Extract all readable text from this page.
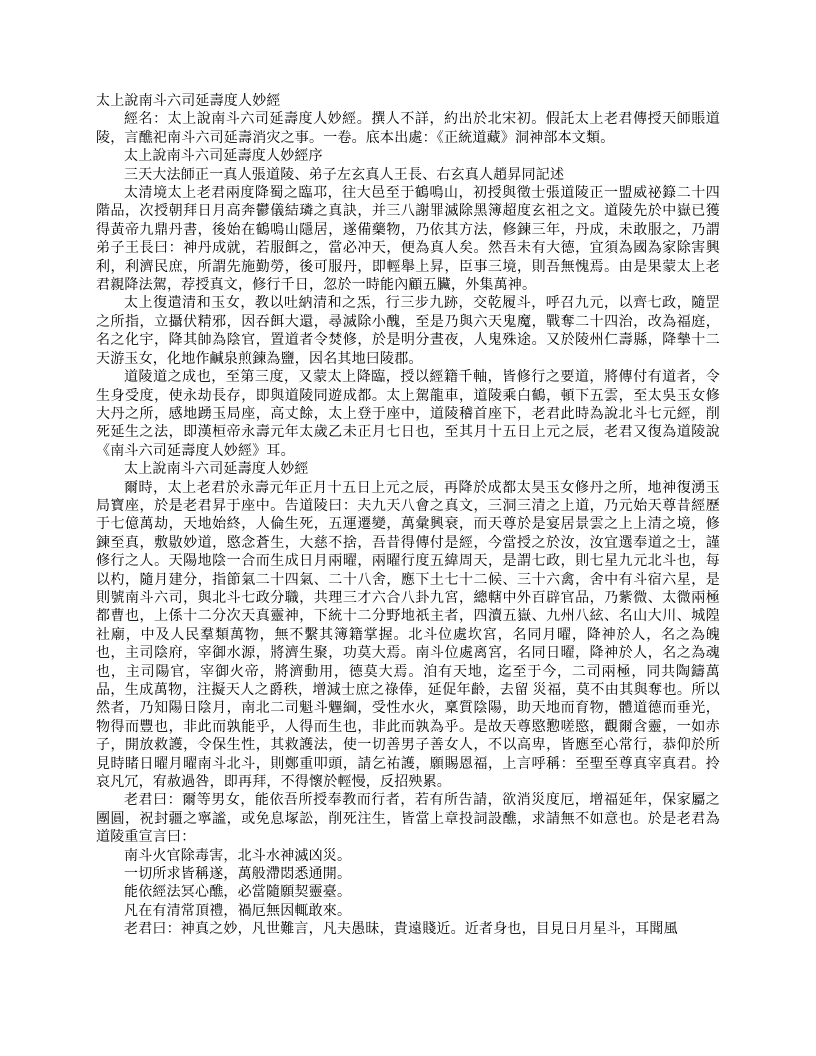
太上說南斗六司延壽度人妙經

經名：太上說南斗六司延壽度人妙經。撰人不詳，約出於北宋初。假託太上老君傳授天師賬道陵，言醮祀南斗六司延壽消灾之事。一卷。底本出處：《正統道藏》洞神部本文類。

太上說南斗六司延壽度人妙經序

三天大法師正一真人張道陵、弟子左玄真人王長、右玄真人趙昇同記述

太清境太上老君兩度降蜀之臨邛，往大邑至于鶴鳴山，初授與徵士張道陵正一盟威祕籙二十四階品，次授朝拜日月高奔鬱儀結璘之真訣，并三八謝罪滅除黑簿超度玄祖之文。道陵先於中嶽已獲得黃帝九鼎丹書，後始在鶴鳴山隱居，遂備藥物，乃依其方法，修鍊三年，丹成，未敢服之，乃謂弟子王長曰：神丹成就，若服餌之，當必冲天，便為真人矣。然吾未有大德，宜須為國為家除害興利，利濟民庶，所謂先施勤勞，後可服丹，即輕舉上昇，臣事三境，則吾無愧焉。由是果蒙太上老君親降法駕，荐授真文，修行千日，忽於一時能內顧五臟，外集萬神。

太上復遣清和玉女，教以吐納清和之炁，行三步九跡，交乾履斗，呼召九元，以齊七政，隨罡之所指，立攝伏精邪，因吞餌大還，尋滅除小醜，至是乃與六天鬼魔，戰奪二十四治，改為福庭，名之化宇，降其帥為陰官，置道者令焚修，於是明分晝夜，人鬼殊途。又於陵州仁壽縣，降摰十二天游玉女，化地作鹹泉煎鍊為鹽，因名其地曰陵郡。

道陵道之成也，至第三度，又蒙太上降臨，授以經籍千軸，皆修行之要道，將傳付有道者，令生身受度，使永劫長存，即與道陵同遊成都。太上駕龍車，道陵乘白鶴，頓下五雲，至太吳玉女修大丹之所，感地踴玉局座，高丈餘，太上登于座中，道陵稽首座下，老君此時為說北斗七元經，削死延生之法，即漢桓帝永壽元年太歲乙未正月七日也，至其月十五日上元之辰，老君又復為道陵說《南斗六司延壽度人妙經》耳。

太上說南斗六司延壽度人妙經

爾時，太上老君於永壽元年正月十五日上元之辰，再降於成都太昊玉女修丹之所，地神復湧玉局寶座，於是老君昇于座中。告道陵曰：夫九天八會之真文，三洞三清之上道，乃元始天尊昔經歷于七億萬劫，天地始終，人倫生死，五運遷變，萬彙興衰，而天尊於是宴居景雲之上上清之境，修鍊至真，敷敭妙道，愍念蒼生，大慈不捨，吾昔得傳付是經，今當授之於汝，汝宜選奉道之士，謹修行之人。天陽地陰一合而生成日月兩曜，兩曜行度五緯周天，是謂七政，則七星九元北斗也，每以杓，隨月建分，指節氣二十四氣、二十八舍，應下土七十二候、三十六禽，舍中有斗宿六星，是則號南斗六司，與北斗七政分職，共理三才六合八卦九宮，總轄中外百辟官品，乃紫微、太微兩極都曹也，上係十二分次天真靈神，下統十二分野地祇主者，四瀆五嶽、九州八絃、名山大川、城隍社廟，中及人民羣類萬物，無不繫其簿籍掌握。北斗位處坎宮，名同月曜，降神於人，名之為魄也，主司陰府，宰御水源，將濟生聚，功莫大焉。南斗位處离宮，名同日曜，降神於人，名之為魂也，主司陽官，宰御火帝，將濟動用，德莫大焉。洎有天地，迄至于今，二司兩極，同共陶鑄萬品，生成萬物，注擬天人之爵秩，增減士庶之祿俸，延促年齡，去留 災福，莫不由其與奪也。所以然者，乃知陽日陰月，南北二司魁斗魓綱，受性水火，稟質陰陽，助天地而育物，體道德而垂光，物得而豐也，非此而孰能乎，人得而生也，非此而孰為乎。是故天尊愍懃嗟愍，觀爾含靈，一如赤子，開放救護，令保生性，其救護法，使一切善男子善女人，不以高卑，皆應至心常行，恭仰於所見時睹日曜月曜南斗北斗，則鄭重叩頭，請乞祐護，願賜恩福，上言呼稱：至聖至尊真宰真君。拎哀凡冗，宥赦過咎，即再拜，不得懷於輕慢，反招殃累。

老君曰：爾等男女，能依吾所授奉教而行者，若有所告請，欲消災度厄，增福延年，保家屬之團圓，祝封疆之寧謐，或免息塚訟，削死注生，皆當上章投詞設醮，求請無不如意也。於是老君為道陵重宣言曰：

南斗火官除毒害，北斗水神滅凶災。

一切所求皆稱遂，萬般滯悶悉通開。

能依經法冥心醮，必當隨願契靈臺。

凡在有清常頂禮，禍厄無因輒敢來。

老君曰：神真之妙，凡世難言，凡夫愚昧，貴遠賤近。近者身也，目見日月星斗，耳聞風
